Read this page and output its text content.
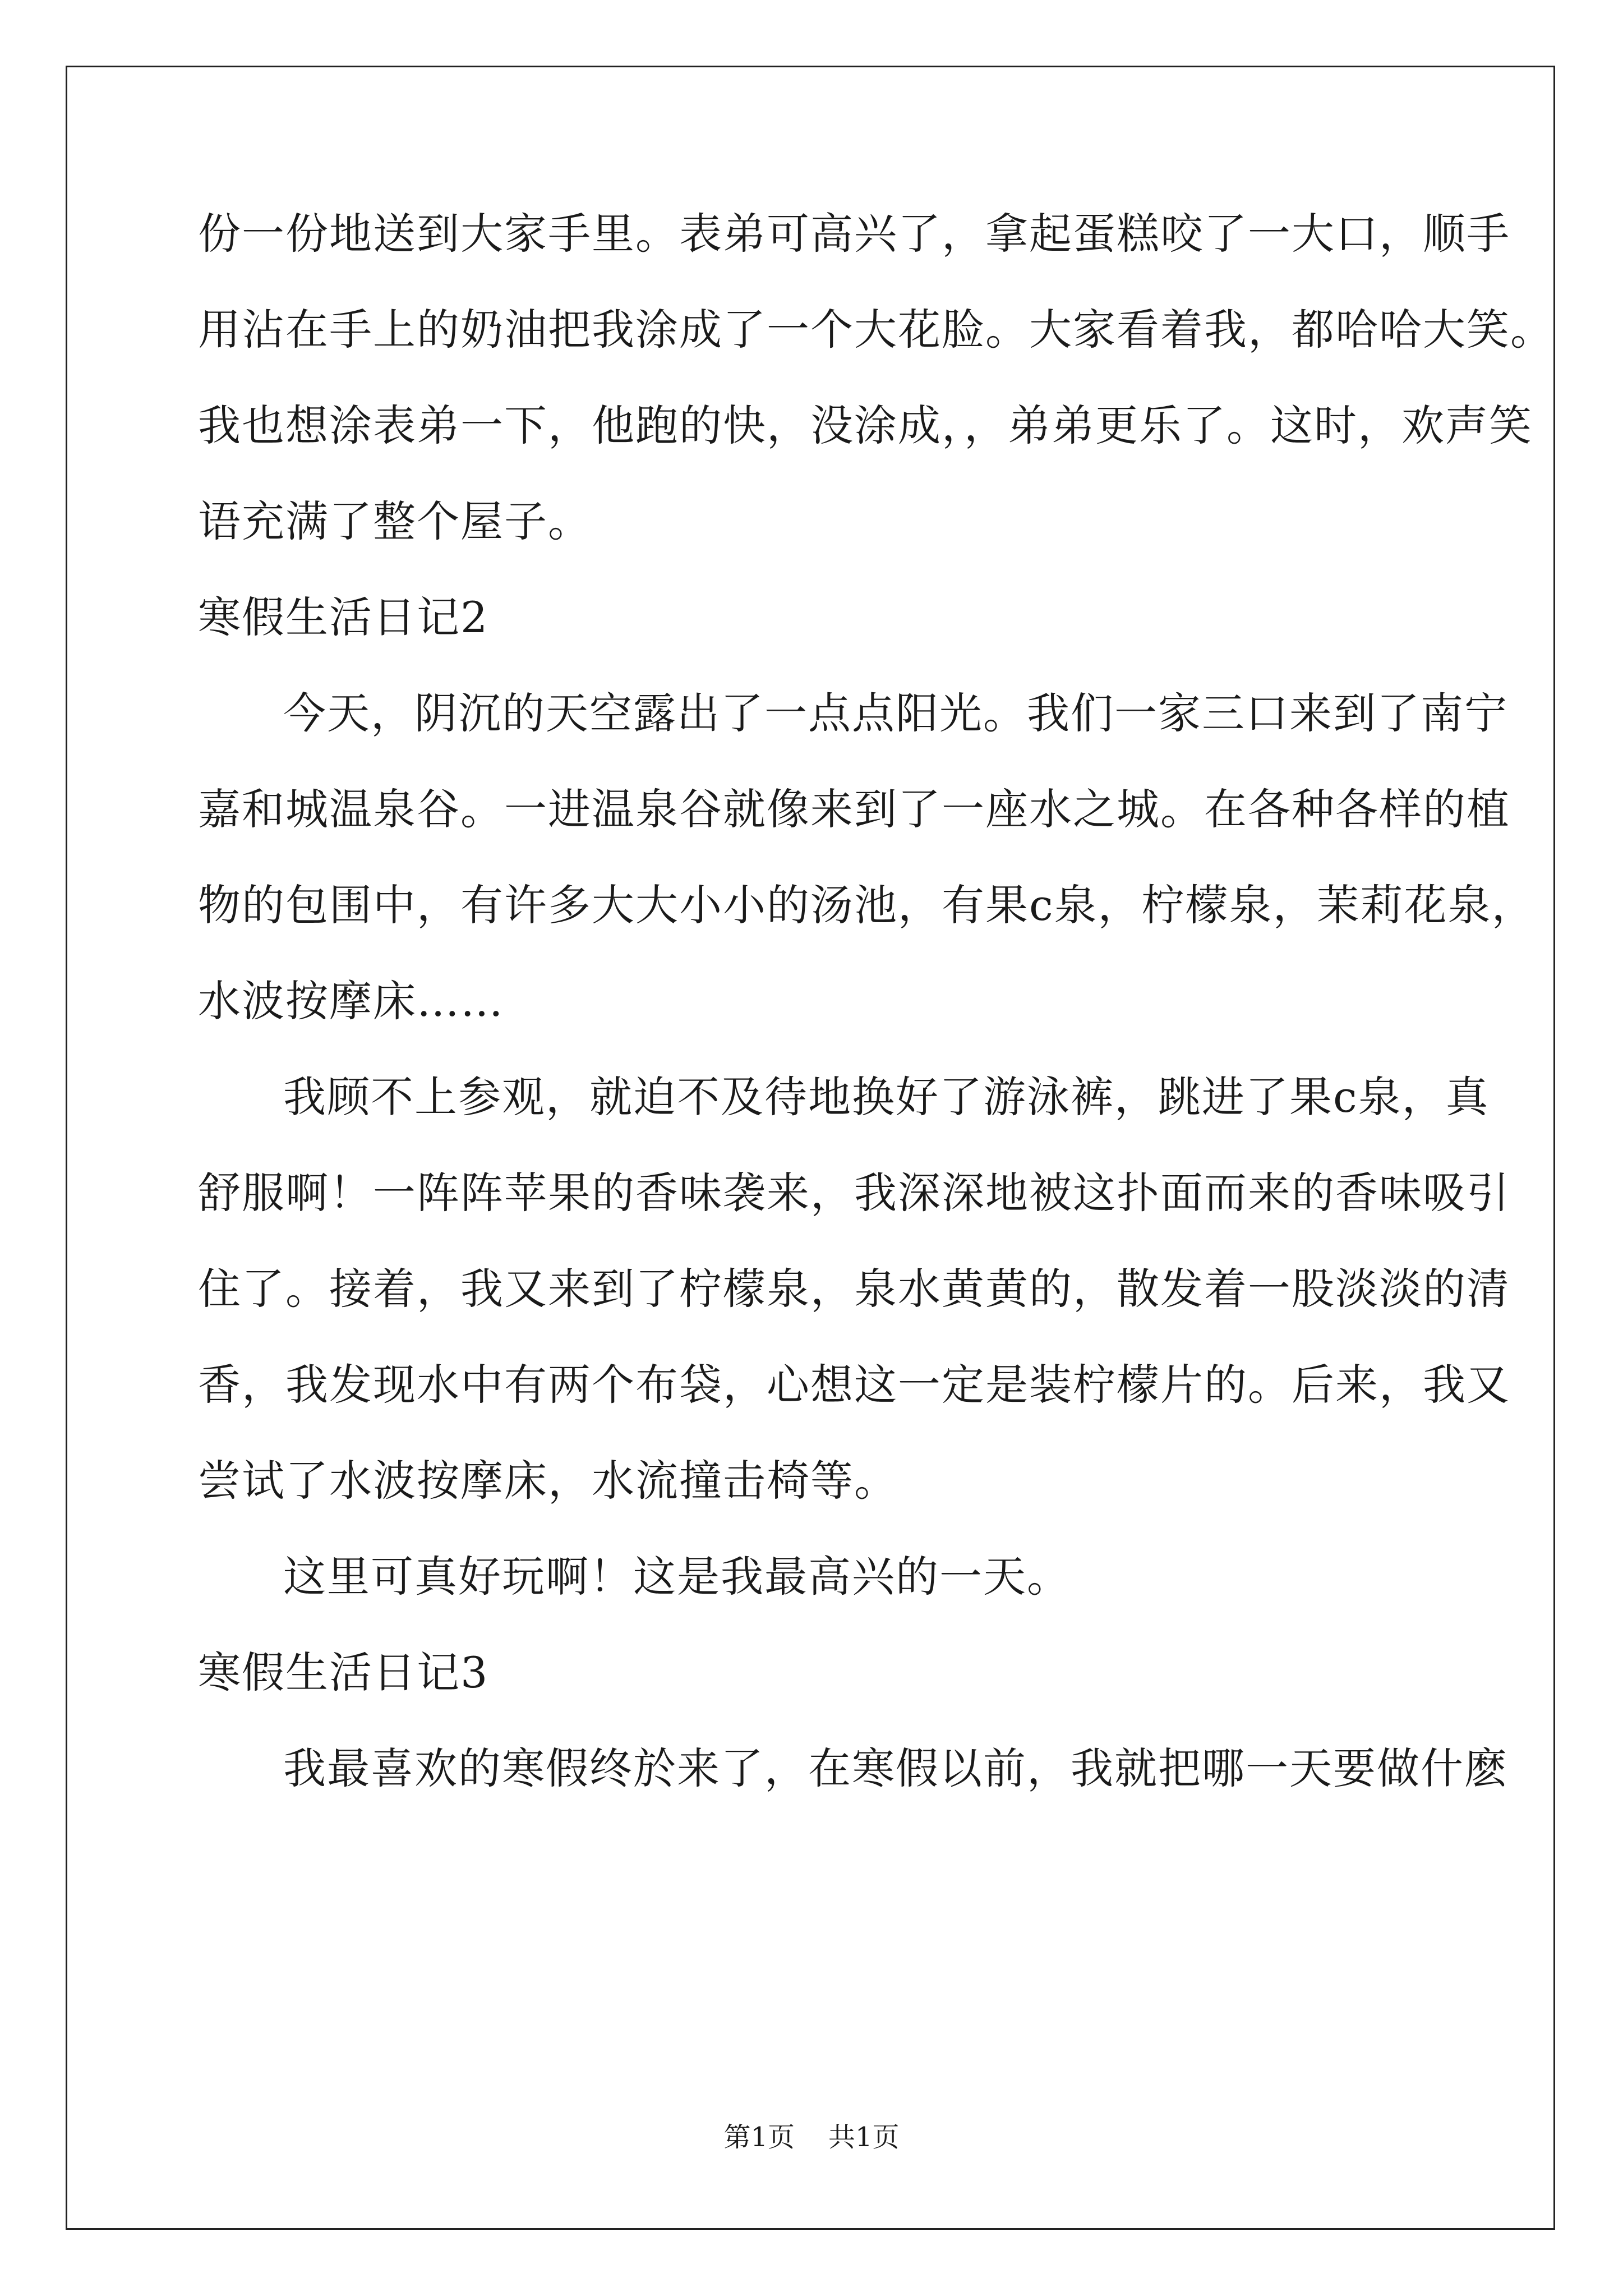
份一份地送到大家手里。表弟可高兴了，拿起蛋糕咬了一大口，顺手
用沾在手上的奶油把我涂成了一个大花脸。大家看着我，都哈哈大笑。
我也想涂表弟一下，他跑的快，没涂成，，弟弟更乐了。这时，欢声笑
语充满了整个屋子。
寒假生活日记2
今天，阴沉的天空露出了一点点阳光。我们一家三口来到了南宁
嘉和城温泉谷。一进温泉谷就像来到了一座水之城。在各种各样的植
物的包围中，有许多大大小小的汤池，有果c泉，柠檬泉，茉莉花泉，
水波按摩床……
我顾不上参观，就迫不及待地换好了游泳裤，跳进了果c泉，真
舒服啊！一阵阵苹果的香味袭来，我深深地被这扑面而来的香味吸引
住了。接着，我又来到了柠檬泉，泉水黄黄的，散发着一股淡淡的清
香，我发现水中有两个布袋，心想这一定是装柠檬片的。后来，我又
尝试了水波按摩床，水流撞击椅等。
这里可真好玩啊！这是我最高兴的一天。
寒假生活日记3
我最喜欢的寒假终於来了，在寒假以前，我就把哪一天要做什麽
第1页 共1页
